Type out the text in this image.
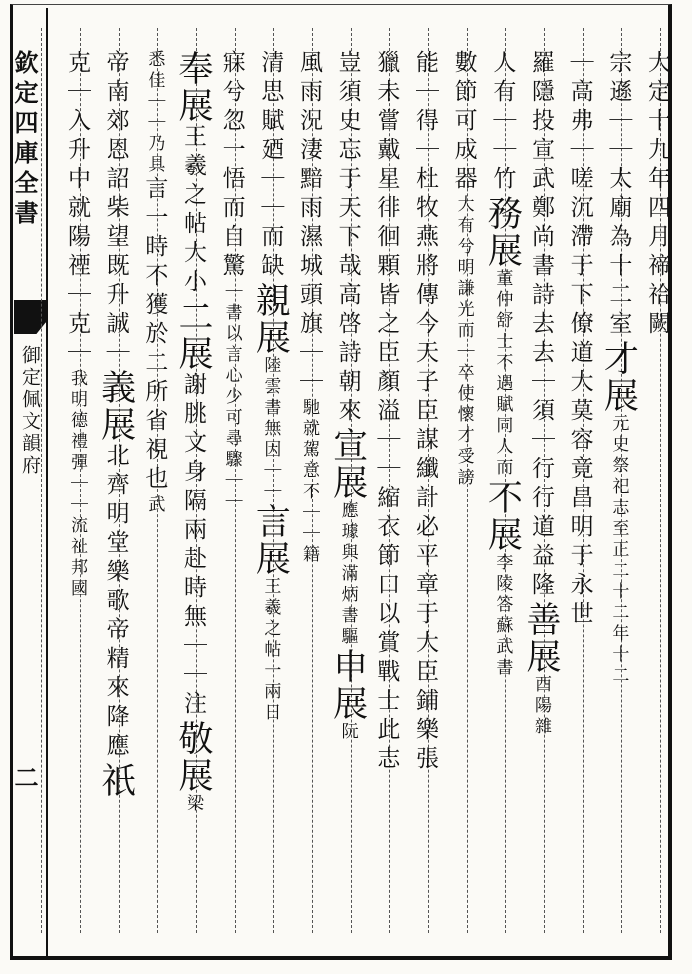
欽定四庫全書
御定佩文韻府
二
大定十九年四月禘祫闕
宗遜｜｜太廟為十二室才展元史祭祀志至正二十二年十二
｜高弗｜嗟沉滯于下僚道大莫容竟昌明于永世
羅隱投宣武鄭尚書詩去去｜須｜行行道益隆善展酉陽雜
人有｜｜竹務展董仲舒士不遇賦同人而不展李陵答蘇武書
數節可成器大有兮明謙光而｜卒使懷才受謗
能｜得｜杜牧燕將傳今天子臣謀纖計必平章于大臣鋪樂張
獵未嘗戴星徘徊顆皆之臣顏溢｜｜縮衣節口以賞戰士此志
豈須史忘于天下哉高啓詩朝來宣展應璩與滿炳書驅申展阮
風雨況淒黯雨濕城頭旗｜｜馳就駕意不｜｜籍
清思賦廼｜｜而缺親展陸雲書無因｜｜言展王羲之帖一兩日
寐兮忽一悟而自驚｜書以言心少可尋驟｜｜
奉展王羲之帖大小二展謝朓文身隔兩赴時無｜｜注敬展梁
悉佳｜｜乃具言一時不獲於二所省視也武
帝南郊恩詔柴望既升誠｜義展北齊明堂樂歌帝精來降應祇
克｜入升中就陽禋｜克｜我明德禮彈｜｜流祉邦國
